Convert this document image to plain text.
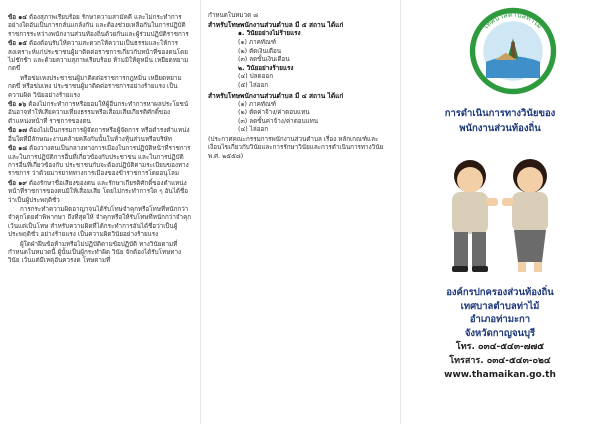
ข้อ ๑๔ ต้องสุภาพเรียบร้อย รักษาความสามัคคี และไม่กระทำการอย่างใดอันเป็นการกลั่นแกล้งกัน และต้องช่วยเหลือกันในการปฏิบัติราชการระหว่างพนักงานส่วนท้องถิ่นด้วยกันและผู้ร่วมปฏิบัติราชการ

ข้อ ๑๕ ต้องต้อนรับให้ความสะดวกให้ความเป็นธรรมและให้การสงเคราะห์แก่ประชาชนผู้มาติดต่อราชการเกี่ยวกับหน้าที่ของตนโดยไม่ชักช้า และด้วยความสุภาพเรียบร้อย ห้ามมิให้ดูหมิ่น เหยียดหยาม กดขี่

หรือข่มเหงประชาชนผู้มาติดต่อราชการกฎหมิ่น เหยียดหยาม กดขี่ หรือข่มเหง ประชาชนผู้มาติดต่อราชการอย่างร้ายแรง เป็นความผิด วินัยอย่างร้ายแรง

ข้อ ๑๖ ต้องไม่กระทำการหรือยอมให้ผู้อื่นกระทำการหาผลประโยชน์อันอาจทำให้เสียความเที่ยงธรรมหรือเสื่อมเสียเกียรติศักดิ์ของตำแหน่งหน้าที่ ราชการของตน

ข้อ ๑๗ ต้องไม่เป็นกรรมการผู้จัดการหรือผู้จัดการ หรือดำรงตำแหน่งอื่นใดที่มีลักษณะงานคล้ายคลึงกันนั้นในห้างหุ้นส่วนหรือบริษัท

ข้อ ๑๘ ต้องวางตนเป็นกลางทางการเมืองในการปฏิบัติหน้าที่ราชการ และในการปฏิบัติการอื่นที่เกี่ยวข้องกับประชาชน และในการปฏิบัติการอื่นที่เกี่ยวข้องกับ ประชาชนกับจะต้องปฏิบัติตามระเบียบของทางราชการ ว่าด้วยมารยาททางการเมืองของข้าราชการโดยอนุโลม

ข้อ ๑๙ ต้องรักษาชื่อเสียงของตน และรักษาเกียรติศักดิ์ของตำแหน่งหน้าที่ราชการของตนมิให้เสื่อมเสีย โดยไม่กระทำการใด ๆ อันได้ชื่อว่าเป็นผู้ประพฤติชั่ว

การกระทำความผิดอาญาจนได้รับโทษจำคุกหรือโทษที่หนักกว่าจำคุกโดยคำพิพากษา ถึงที่สุดให้ จำคุกหรือให้รับโทษที่หนักกว่าจำคุกเว้นแต่เป็นโทษ สำหรับความผิดที่ได้กระทำการอันได้ชื่อว่าเป็นผู้ ประพฤติชั่ว อย่างร้ายแรง เป็นความผิดวินัยอย่างร้ายแรง

ผู้ใดฝ่าฝืนข้อห้ามหรือไม่ปฏิบัติตามข้อปฏิบัติ ทางวินัยตามที่กำหนดในหมวดนี้ ผู้นั้นเป็นผู้กระทำผิด วินัย จักต้องได้รับโทษทางวินัย เว้นแต่มีเหตุอันควรงด โทษตามที่

กำหนดในหมวด ๘
สำหรับโทษพนักงานส่วนตำบล มี ๕ สถาน ได้แก่
๑. วินัยอย่างไม่ร้ายแรง
(๑) ภาคทัณฑ์
(๒) ตัดเงินเดือน
(๓) ลดขั้นเงินเดือน
๒. วินัยอย่างร้ายแรง
(๔) ปลดออก
(๕) ไล่ออก
สำหรับโทษพนักงานส่วนตำบล มี ๔ สถาน ได้แก่
(๑) ภาคทัณฑ์
(๒) ตัดค่าจ้าง/ค่าตอบแทน
(๓) ลดขั้นค่าจ้าง/ค่าตอบแทน
(๔) ไล่ออก
(ประกาศคณะกรรมการพนักงานส่วนตำบล เรื่อง หลักเกณฑ์และเงื่อนไขเกี่ยวกับวินัยและการรักษาวินัยและการดำเนินการทางวินัย พ.ศ. ๒๕๕๘)
เทศบาลตำบลท่าไม้
การดำเนินการทางวินัยของ
พนักงานส่วนท้องถิ่น
องค์กรปกครองส่วนท้องถิ่น
เทศบาลตำบลท่าไม้
อำเภอท่ามะกา
จังหวัดกาญจนบุรี
โทร. ๐๓๔-๕๔๓-๗๗๕
โทรสาร. ๐๓๔-๕๔๓-๐๒๔
www.thamaikan.go.th
